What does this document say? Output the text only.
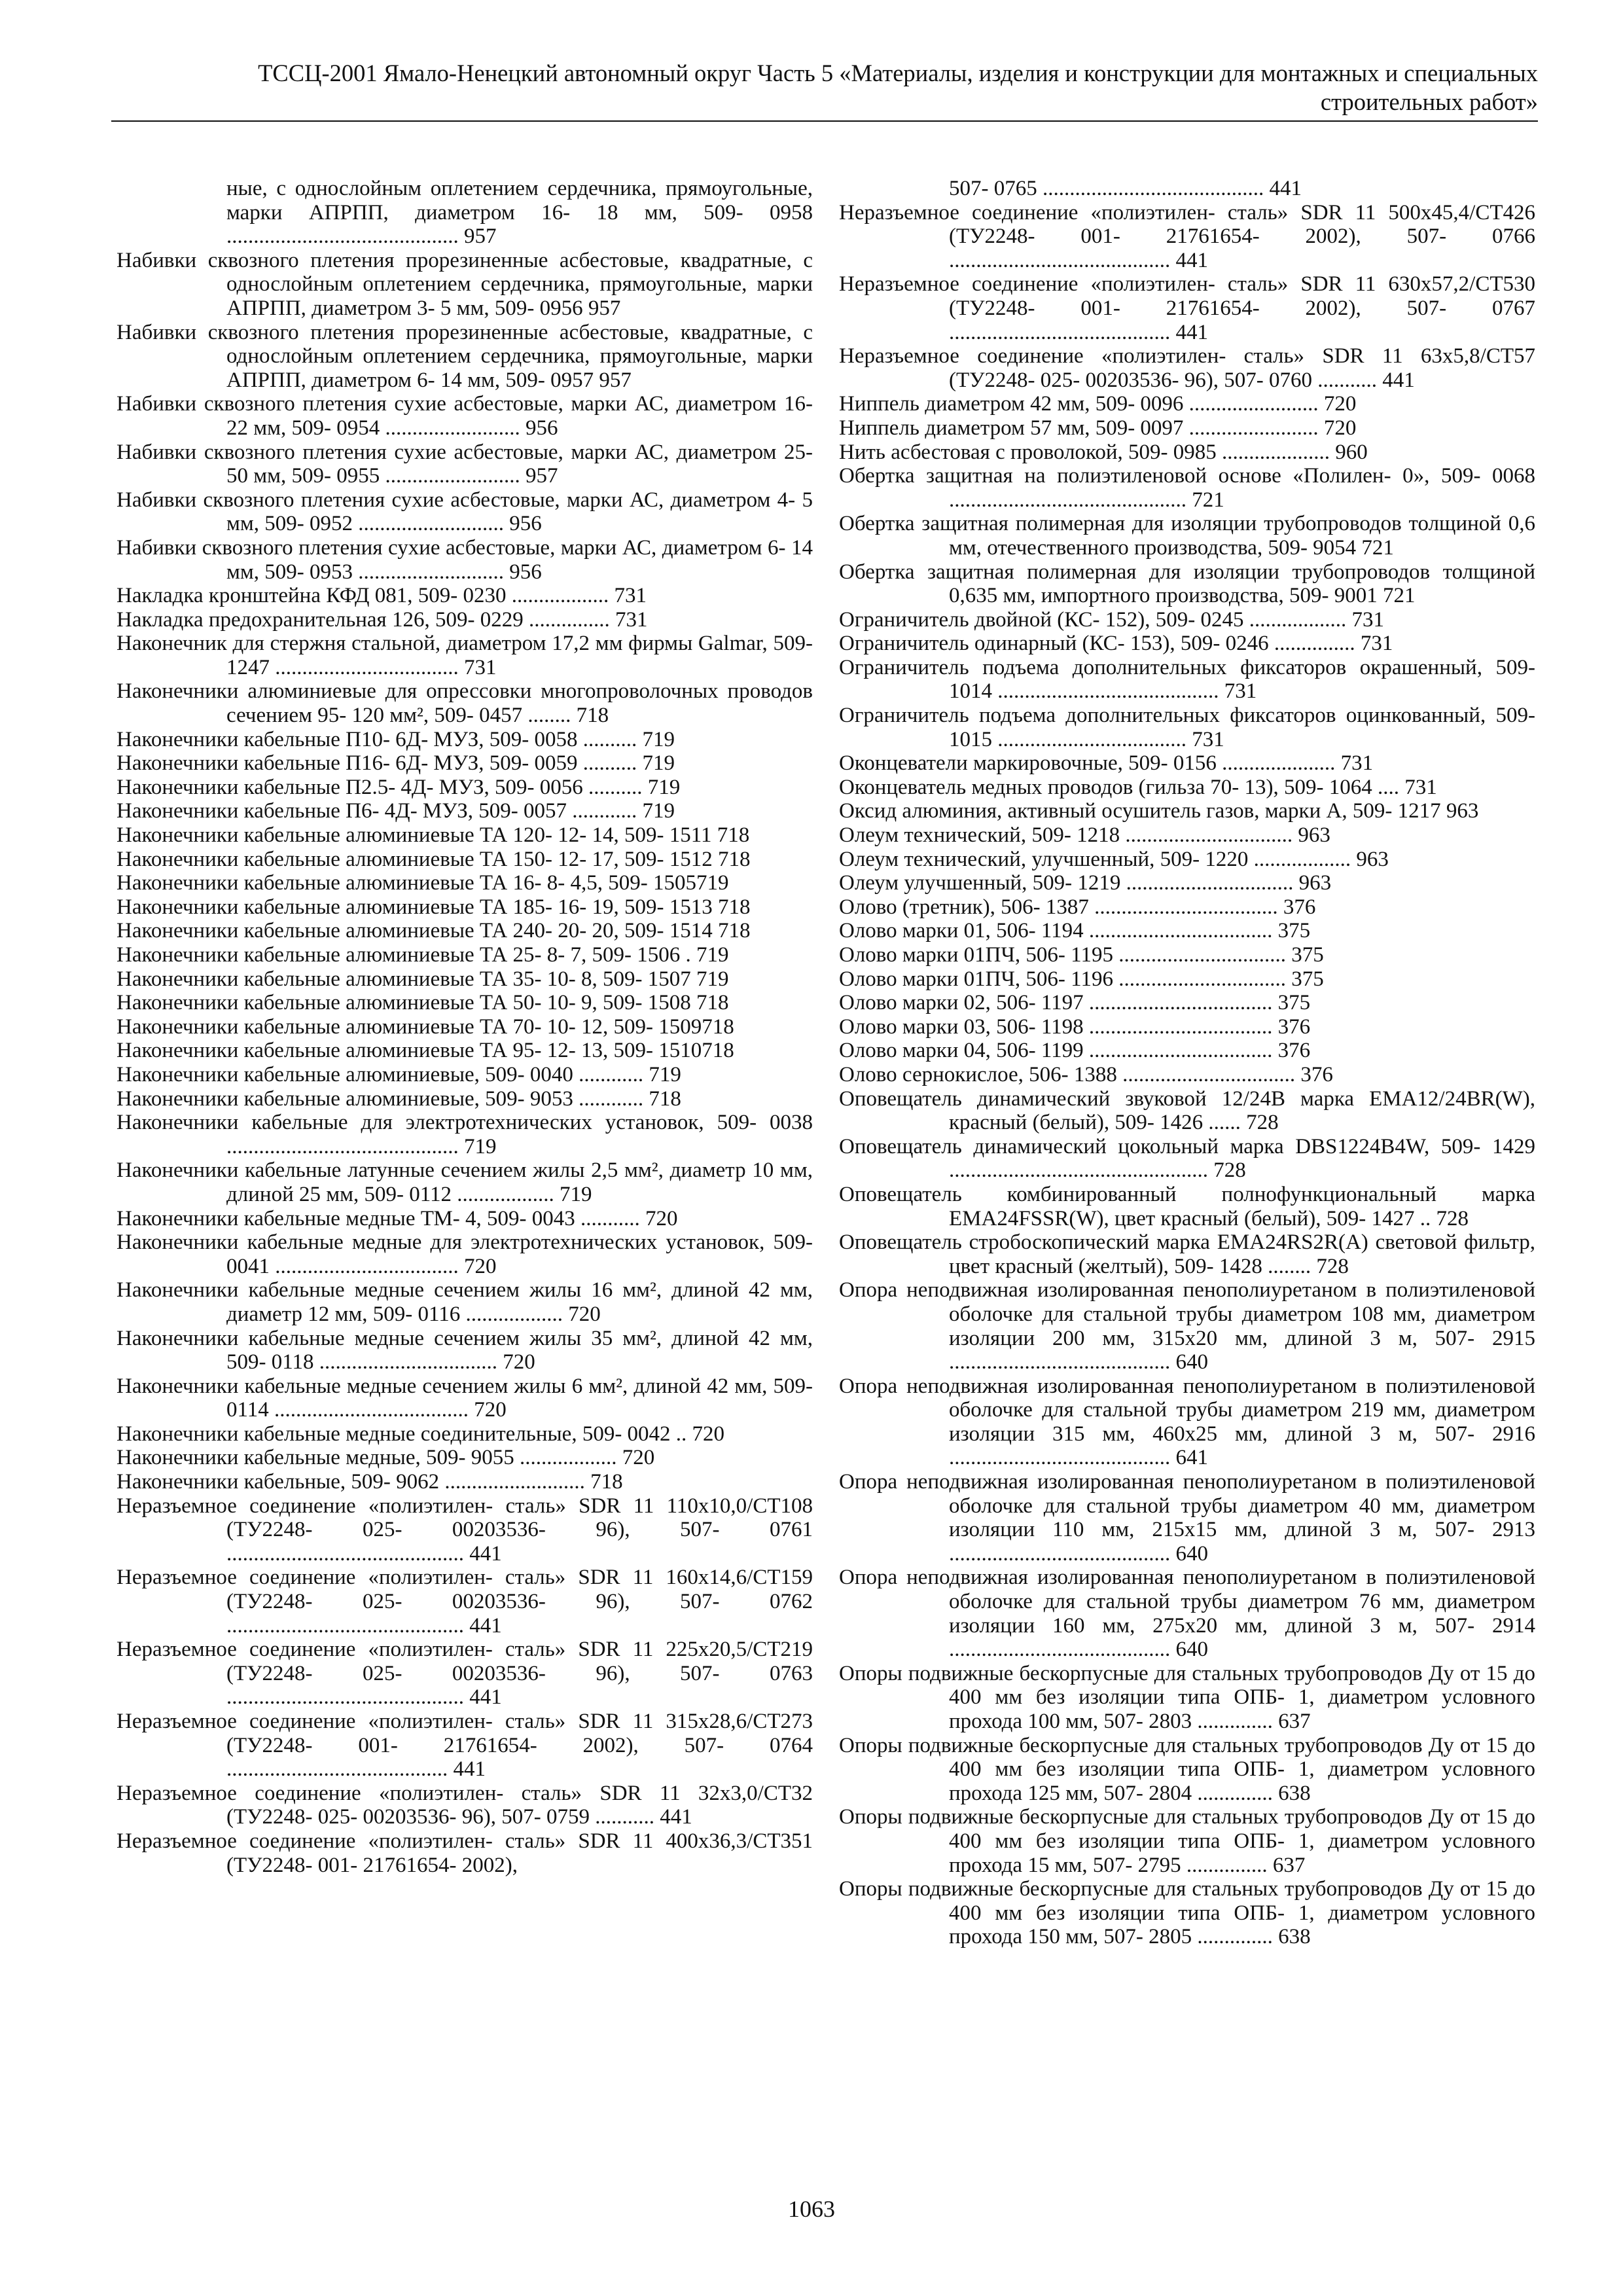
ТССЦ-2001 Ямало-Ненецкий автономный округ Часть 5 «Материалы, изделия и конструкции для монтажных и специальных
строительных работ»
ные, с однослойным оплетением сердечника, прямоугольные, марки АПРПП, диаметром 16- 18 мм, 509- 0958 ........................................... 957
Набивки сквозного плетения прорезиненные асбестовые, квадратные, с однослойным оплетением сердечника, прямоугольные, марки АПРПП, диаметром 3- 5 мм, 509- 0956 957
Набивки сквозного плетения прорезиненные асбестовые, квадратные, с однослойным оплетением сердечника, прямоугольные, марки АПРПП, диаметром 6- 14 мм, 509- 0957 957
Набивки сквозного плетения сухие асбестовые, марки АС, диаметром 16- 22 мм, 509- 0954 ......................... 956
Набивки сквозного плетения сухие асбестовые, марки АС, диаметром 25- 50 мм, 509- 0955 ......................... 957
Набивки сквозного плетения сухие асбестовые, марки АС, диаметром 4- 5 мм, 509- 0952 ........................... 956
Набивки сквозного плетения сухие асбестовые, марки АС, диаметром 6- 14 мм, 509- 0953 ........................... 956
Накладка кронштейна КФД 081, 509- 0230 .................. 731
Накладка предохранительная 126, 509- 0229 ............... 731
Наконечник для стержня стальной, диаметром 17,2 мм фирмы Galmar, 509- 1247 .................................. 731
Наконечники алюминиевые для опрессовки многопроволочных проводов сечением 95- 120 мм², 509- 0457 ........ 718
Наконечники кабельные П10- 6Д- МУЗ, 509- 0058 .......... 719
Наконечники кабельные П16- 6Д- МУЗ, 509- 0059 .......... 719
Наконечники кабельные П2.5- 4Д- МУЗ, 509- 0056 .......... 719
Наконечники кабельные П6- 4Д- МУЗ, 509- 0057 ............ 719
Наконечники кабельные алюминиевые ТА 120- 12- 14, 509- 1511 718
Наконечники кабельные алюминиевые ТА 150- 12- 17, 509- 1512 718
Наконечники кабельные алюминиевые ТА 16- 8- 4,5, 509- 1505719
Наконечники кабельные алюминиевые ТА 185- 16- 19, 509- 1513 718
Наконечники кабельные алюминиевые ТА 240- 20- 20, 509- 1514 718
Наконечники кабельные алюминиевые ТА 25- 8- 7, 509- 1506 . 719
Наконечники кабельные алюминиевые ТА 35- 10- 8, 509- 1507 719
Наконечники кабельные алюминиевые ТА 50- 10- 9, 509- 1508 718
Наконечники кабельные алюминиевые ТА 70- 10- 12, 509- 1509718
Наконечники кабельные алюминиевые ТА 95- 12- 13, 509- 1510718
Наконечники кабельные алюминиевые, 509- 0040 ............ 719
Наконечники кабельные алюминиевые, 509- 9053 ............ 718
Наконечники кабельные для электротехнических установок, 509- 0038 ........................................... 719
Наконечники кабельные латунные сечением жилы 2,5 мм², диаметр 10 мм, длиной 25 мм, 509- 0112 .................. 719
Наконечники кабельные медные ТМ- 4, 509- 0043 ........... 720
Наконечники кабельные медные для электротехнических установок, 509- 0041 .................................. 720
Наконечники кабельные медные сечением жилы 16 мм², длиной 42 мм, диаметр 12 мм, 509- 0116 .................. 720
Наконечники кабельные медные сечением жилы 35 мм², длиной 42 мм, 509- 0118 ................................. 720
Наконечники кабельные медные сечением жилы 6 мм², длиной 42 мм, 509- 0114 .................................... 720
Наконечники кабельные медные соединительные, 509- 0042 .. 720
Наконечники кабельные медные, 509- 9055 .................. 720
Наконечники кабельные, 509- 9062 .......................... 718
Неразъемное соединение «полиэтилен- сталь» SDR 11 110х10,0/СТ108 (ТУ2248- 025- 00203536- 96), 507- 0761 ............................................ 441
Неразъемное соединение «полиэтилен- сталь» SDR 11 160х14,6/СТ159 (ТУ2248- 025- 00203536- 96), 507- 0762 ............................................ 441
Неразъемное соединение «полиэтилен- сталь» SDR 11 225х20,5/СТ219 (ТУ2248- 025- 00203536- 96), 507- 0763 ............................................ 441
Неразъемное соединение «полиэтилен- сталь» SDR 11 315х28,6/СТ273 (ТУ2248- 001- 21761654- 2002), 507- 0764 ......................................... 441
Неразъемное соединение «полиэтилен- сталь» SDR 11 32х3,0/СТ32 (ТУ2248- 025- 00203536- 96), 507- 0759 ........... 441
Неразъемное соединение «полиэтилен- сталь» SDR 11 400х36,3/СТ351 (ТУ2248- 001- 21761654- 2002),
507- 0765 ......................................... 441
Неразъемное соединение «полиэтилен- сталь» SDR 11 500х45,4/СТ426 (ТУ2248- 001- 21761654- 2002), 507- 0766 ......................................... 441
Неразъемное соединение «полиэтилен- сталь» SDR 11 630х57,2/СТ530 (ТУ2248- 001- 21761654- 2002), 507- 0767 ......................................... 441
Неразъемное соединение «полиэтилен- сталь» SDR 11 63х5,8/СТ57 (ТУ2248- 025- 00203536- 96), 507- 0760 ........... 441
Ниппель диаметром 42 мм, 509- 0096 ........................ 720
Ниппель диаметром 57 мм, 509- 0097 ........................ 720
Нить асбестовая с проволокой, 509- 0985 .................... 960
Обертка защитная на полиэтиленовой основе «Полилен- 0», 509- 0068 ............................................ 721
Обертка защитная полимерная для изоляции трубопроводов толщиной 0,6 мм, отечественного производства, 509- 9054 721
Обертка защитная полимерная для изоляции трубопроводов толщиной 0,635 мм, импортного производства, 509- 9001 721
Ограничитель двойной (КС- 152), 509- 0245 .................. 731
Ограничитель одинарный (КС- 153), 509- 0246 ............... 731
Ограничитель подъема дополнительных фиксаторов окрашенный, 509- 1014 ......................................... 731
Ограничитель подъема дополнительных фиксаторов оцинкованный, 509- 1015 ................................... 731
Оконцеватели маркировочные, 509- 0156 ..................... 731
Оконцеватель медных проводов (гильза 70- 13), 509- 1064 .... 731
Оксид алюминия, активный осушитель газов, марки А, 509- 1217 963
Олеум технический, 509- 1218 ............................... 963
Олеум технический, улучшенный, 509- 1220 .................. 963
Олеум улучшенный, 509- 1219 ............................... 963
Олово (третник), 506- 1387 .................................. 376
Олово марки 01, 506- 1194 .................................. 375
Олово марки 01ПЧ, 506- 1195 ............................... 375
Олово марки 01ПЧ, 506- 1196 ............................... 375
Олово марки 02, 506- 1197 .................................. 375
Олово марки 03, 506- 1198 .................................. 376
Олово марки 04, 506- 1199 .................................. 376
Олово сернокислое, 506- 1388 ................................ 376
Оповещатель динамический звуковой 12/24В марка EMA12/24BR(W), красный (белый), 509- 1426 ...... 728
Оповещатель динамический цокольный марка DBS1224B4W, 509- 1429 ................................................ 728
Оповещатель комбинированный полнофункциональный марка EMA24FSSR(W), цвет красный (белый), 509- 1427 .. 728
Оповещатель стробоскопический марка EMA24RS2R(A) световой фильтр, цвет красный (желтый), 509- 1428 ........ 728
Опора неподвижная изолированная пенополиуретаном в полиэтиленовой оболочке для стальной трубы диаметром 108 мм, диаметром изоляции 200 мм, 315х20 мм, длиной 3 м, 507- 2915 ......................................... 640
Опора неподвижная изолированная пенополиуретаном в полиэтиленовой оболочке для стальной трубы диаметром 219 мм, диаметром изоляции 315 мм, 460х25 мм, длиной 3 м, 507- 2916 ......................................... 641
Опора неподвижная изолированная пенополиуретаном в полиэтиленовой оболочке для стальной трубы диаметром 40 мм, диаметром изоляции 110 мм, 215х15 мм, длиной 3 м, 507- 2913 ......................................... 640
Опора неподвижная изолированная пенополиуретаном в полиэтиленовой оболочке для стальной трубы диаметром 76 мм, диаметром изоляции 160 мм, 275х20 мм, длиной 3 м, 507- 2914 ......................................... 640
Опоры подвижные бескорпусные для стальных трубопроводов Ду от 15 до 400 мм без изоляции типа ОПБ- 1, диаметром условного прохода 100 мм, 507- 2803 .............. 637
Опоры подвижные бескорпусные для стальных трубопроводов Ду от 15 до 400 мм без изоляции типа ОПБ- 1, диаметром условного прохода 125 мм, 507- 2804 .............. 638
Опоры подвижные бескорпусные для стальных трубопроводов Ду от 15 до 400 мм без изоляции типа ОПБ- 1, диаметром условного прохода 15 мм, 507- 2795 ............... 637
Опоры подвижные бескорпусные для стальных трубопроводов Ду от 15 до 400 мм без изоляции типа ОПБ- 1, диаметром условного прохода 150 мм, 507- 2805 .............. 638
1063
